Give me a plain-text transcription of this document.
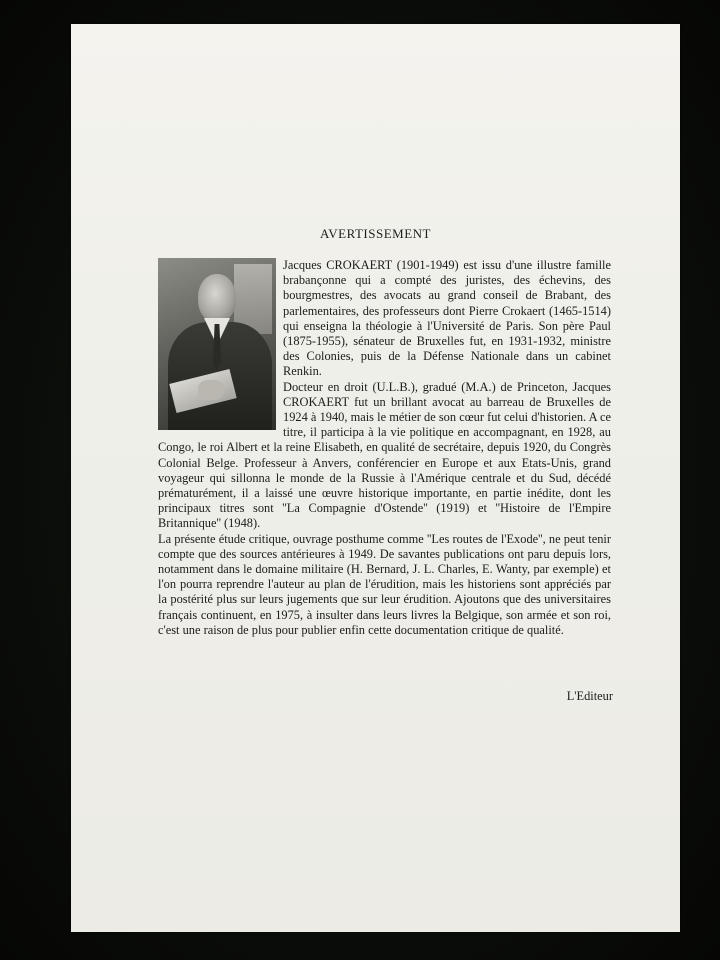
AVERTISSEMENT

Jacques CROKAERT (1901-1949) est issu d'une illustre famille brabançonne qui a compté des juristes, des échevins, des bourgmestres, des avocats au grand conseil de Brabant, des parlementaires, des professeurs dont Pierre Crokaert (1465-1514) qui enseigna la théologie à l'Université de Paris. Son père Paul (1875-1955), sénateur de Bruxelles fut, en 1931-1932, ministre des Colonies, puis de la Défense Nationale dans un cabinet Renkin.

Docteur en droit (U.L.B.), gradué (M.A.) de Princeton, Jacques CROKAERT fut un brillant avocat au barreau de Bruxelles de 1924 à 1940, mais le métier de son cœur fut celui d'historien. A ce titre, il participa à la vie politique en accompagnant, en 1928, au Congo, le roi Albert et la reine Elisabeth, en qualité de secrétaire, depuis 1920, du Congrès Colonial Belge. Professeur à Anvers, conférencier en Europe et aux Etats-Unis, grand voyageur qui sillonna le monde de la Russie à l'Amérique centrale et du Sud, décédé prématurément, il a laissé une œuvre historique importante, en partie inédite, dont les principaux titres sont ''La Compagnie d'Ostende'' (1919) et ''Histoire de l'Empire Britannique'' (1948).

La présente étude critique, ouvrage posthume comme ''Les routes de l'Exode'', ne peut tenir compte que des sources antérieures à 1949. De savantes publications ont paru depuis lors, notamment dans le domaine militaire (H. Bernard, J. L. Charles, E. Wanty, par exemple) et l'on pourra reprendre l'auteur au plan de l'érudition, mais les historiens sont appréciés par la postérité plus sur leurs jugements que sur leur érudition. Ajoutons que des universitaires français continuent, en 1975, à insulter dans leurs livres la Belgique, son armée et son roi, c'est une raison de plus pour publier enfin cette documentation critique de qualité.

L'Editeur
